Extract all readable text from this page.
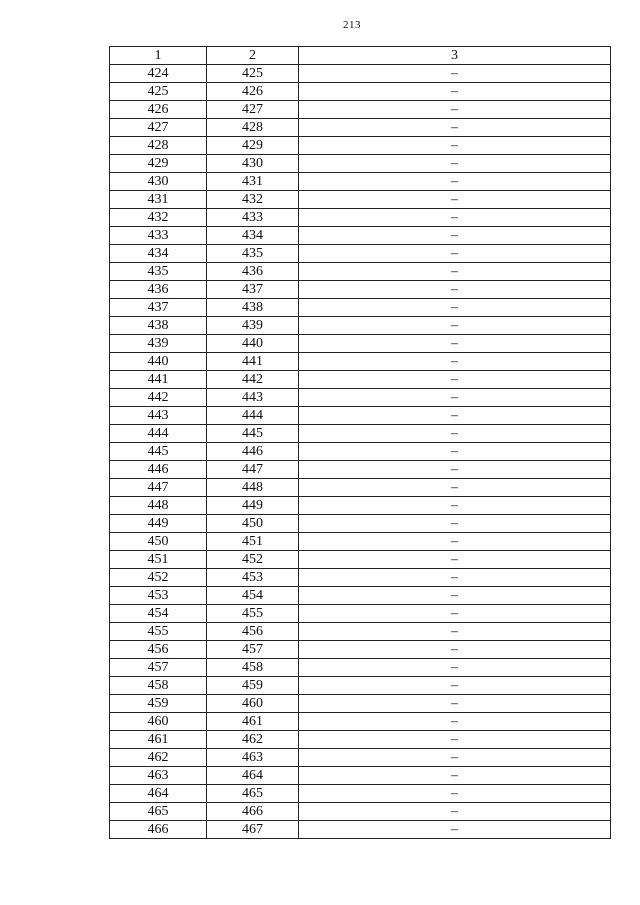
213
1	2	3
424	425	–
425	426	–
426	427	–
427	428	–
428	429	–
429	430	–
430	431	–
431	432	–
432	433	–
433	434	–
434	435	–
435	436	–
436	437	–
437	438	–
438	439	–
439	440	–
440	441	–
441	442	–
442	443	–
443	444	–
444	445	–
445	446	–
446	447	–
447	448	–
448	449	–
449	450	–
450	451	–
451	452	–
452	453	–
453	454	–
454	455	–
455	456	–
456	457	–
457	458	–
458	459	–
459	460	–
460	461	–
461	462	–
462	463	–
463	464	–
464	465	–
465	466	–
466	467	–
